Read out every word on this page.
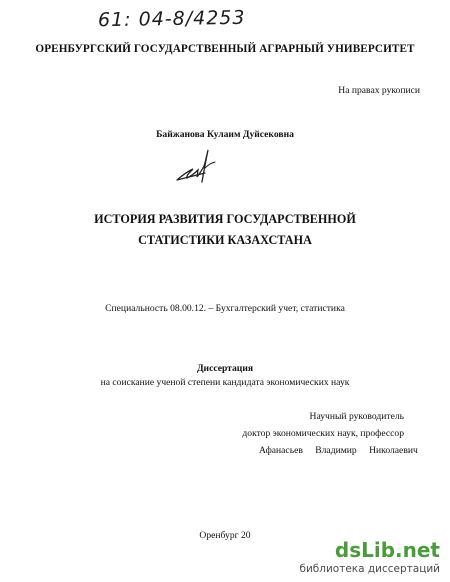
61: 04-8/4253
ОРЕНБУРГСКИЙ ГОСУДАРСТВЕННЫЙ АГРАРНЫЙ УНИВЕРСИТЕТ
На правах рукописи
Байжанова Кулаим Дуйсековна
ИСТОРИЯ РАЗВИТИЯ ГОСУДАРСТВЕННОЙ
СТАТИСТИКИ КАЗАХСТАНА
Специальность 08.00.12. – Бухгалтерский учет, статистика
Диссертация
на соискание ученой степени кандидата экономических наук
Научный руководитель
доктор экономических наук, профессор
Афанасьев Владимир Николаевич
Оренбург 20
dsLib.net
библиотека диссертаций
